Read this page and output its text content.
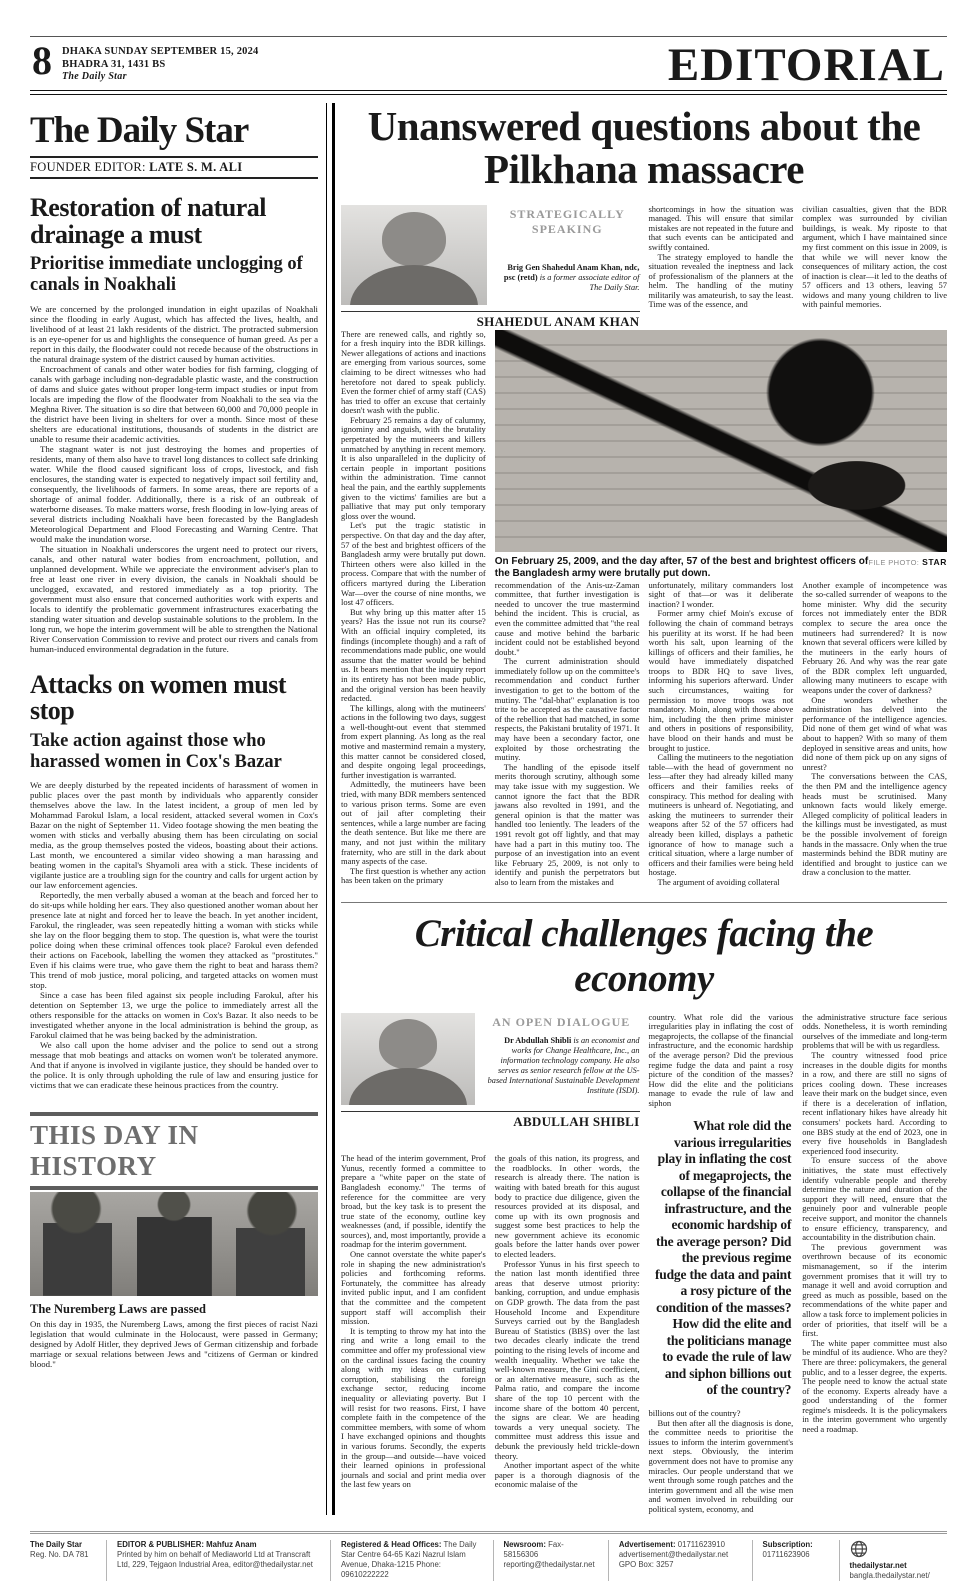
8 DHAKA SUNDAY SEPTEMBER 15, 2024
BHADRA 31, 1431 BS
The Daily Star	EDITORIAL
The Daily Star
FOUNDER EDITOR: LATE S. M. ALI
Restoration of natural drainage a must
Prioritise immediate unclogging of canals in Noakhali

We are concerned by the prolonged inundation in eight upazilas of Noakhali since the flooding in early August, which has affected the lives, health, and livelihood of at least 21 lakh residents of the district. The protracted submersion is an eye-opener for us and highlights the consequence of human greed. As per a report in this daily, the floodwater could not recede because of the obstructions in the natural drainage system of the district caused by human activities.

Encroachment of canals and other water bodies for fish farming, clogging of canals with garbage including non-degradable plastic waste, and the construction of dams and sluice gates without proper long-term impact studies or input from locals are impeding the flow of the floodwater from Noakhali to the sea via the Meghna River. The situation is so dire that between 60,000 and 70,000 people in the district have been living in shelters for over a month. Since most of these shelters are educational institutions, thousands of students in the district are unable to resume their academic activities.

The stagnant water is not just destroying the homes and properties of residents, many of them also have to travel long distances to collect safe drinking water. While the flood caused significant loss of crops, livestock, and fish enclosures, the standing water is expected to negatively impact soil fertility and, consequently, the livelihoods of farmers. In some areas, there are reports of a shortage of animal fodder. Additionally, there is a risk of an outbreak of waterborne diseases. To make matters worse, fresh flooding in low-lying areas of several districts including Noakhali have been forecasted by the Bangladesh Meteorological Department and Flood Forecasting and Warning Centre. That would make the inundation worse.

The situation in Noakhali underscores the urgent need to protect our rivers, canals, and other natural water bodies from encroachment, pollution, and unplanned development. While we appreciate the environment adviser's plan to free at least one river in every division, the canals in Noakhali should be unclogged, excavated, and restored immediately as a top priority. The government must also ensure that concerned authorities work with experts and locals to identify the problematic government infrastructures exacerbating the standing water situation and develop sustainable solutions to the problem. In the long run, we hope the interim government will be able to strengthen the National River Conservation Commission to revive and protect our rivers and canals from human-induced environmental degradation in the future.

Attacks on women must stop
Take action against those who harassed women in Cox's Bazar

We are deeply disturbed by the repeated incidents of harassment of women in public places over the past month by individuals who apparently consider themselves above the law. In the latest incident, a group of men led by Mohammad Farokul Islam, a local resident, attacked several women in Cox's Bazar on the night of September 11. Video footage showing the men beating the women with sticks and verbally abusing them has been circulating on social media, as the group themselves posted the videos, boasting about their actions. Last month, we encountered a similar video showing a man harassing and beating women in the capital's Shyamoli area with a stick. These incidents of vigilante justice are a troubling sign for the country and calls for urgent action by our law enforcement agencies.

Reportedly, the men verbally abused a woman at the beach and forced her to do sit-ups while holding her ears. They also questioned another woman about her presence late at night and forced her to leave the beach. In yet another incident, Farokul, the ringleader, was seen repeatedly hitting a woman with sticks while she lay on the floor begging them to stop. The question is, what were the tourist police doing when these criminal offences took place? Farokul even defended their actions on Facebook, labelling the women they attacked as "prostitutes." Even if his claims were true, who gave them the right to beat and harass them? This trend of mob justice, moral policing, and targeted attacks on women must stop.

Since a case has been filed against six people including Farokul, after his detention on September 13, we urge the police to immediately arrest all the others responsible for the attacks on women in Cox's Bazar. It also needs to be investigated whether anyone in the local administration is behind the group, as Farokul claimed that he was being backed by the administration.

We also call upon the home adviser and the police to send out a strong message that mob beatings and attacks on women won't be tolerated anymore. And that if anyone is involved in vigilante justice, they should be handed over to the police. It is only through upholding the rule of law and ensuring justice for victims that we can eradicate these heinous practices from the country.

THIS DAY IN HISTORY
The Nuremberg Laws are passed

On this day in 1935, the Nuremberg Laws, among the first pieces of racist Nazi legislation that would culminate in the Holocaust, were passed in Germany; designed by Adolf Hitler, they deprived Jews of German citizenship and forbade marriage or sexual relations between Jews and "citizens of German or kindred blood."

Unanswered questions about the Pilkhana massacre
STRATEGICALLY SPEAKING
Brig Gen Shahedul Anam Khan, ndc, psc (retd) is a former associate editor of The Daily Star.
SHAHEDUL ANAM KHAN

shortcomings in how the situation was managed. This will ensure that similar mistakes are not repeated in the future and that such events can be anticipated and swiftly contained.

The strategy employed to handle the situation revealed the ineptness and lack of professionalism of the planners at the helm. The handling of the mutiny militarily was amateurish, to say the least. Time was of the essence, and

civilian casualties, given that the BDR complex was surrounded by civilian buildings, is weak. My riposte to that argument, which I have maintained since my first comment on this issue in 2009, is that while we will never know the consequences of military action, the cost of inaction is clear—it led to the deaths of 57 officers and 13 others, leaving 57 widows and many young children to live with painful memories.

There are renewed calls, and rightly so, for a fresh inquiry into the BDR killings. Newer allegations of actions and inactions are emerging from various sources, some claiming to be direct witnesses who had heretofore not dared to speak publicly. Even the former chief of army staff (CAS) has tried to offer an excuse that certainly doesn't wash with the public.

February 25 remains a day of calumny, ignominy and anguish, with the brutality perpetrated by the mutineers and killers unmatched by anything in recent memory. It is also unparalleled in the duplicity of certain people in important positions within the administration. Time cannot heal the pain, and the earthly supplements given to the victims' families are but a palliative that may put only temporary gloss over the wound.

Let's put the tragic statistic in perspective. On that day and the day after, 57 of the best and brightest officers of the Bangladesh army were brutally put down. Thirteen others were also killed in the process. Compare that with the number of officers martyred during the Liberation War—over the course of nine months, we lost 47 officers.

But why bring up this matter after 15 years? Has the issue not run its course? With an official inquiry completed, its findings (incomplete though) and a raft of recommendations made public, one would assume that the matter would be behind us. It bears mention that the inquiry report in its entirety has not been made public, and the original version has been heavily redacted.

The killings, along with the mutineers' actions in the following two days, suggest a well-thought-out event that stemmed from expert planning. As long as the real motive and mastermind remain a mystery, this matter cannot be considered closed, and despite ongoing legal proceedings, further investigation is warranted.

Admittedly, the mutineers have been tried, with many BDR members sentenced to various prison terms. Some are even out of jail after completing their sentences, while a large number are facing the death sentence. But like me there are many, and not just within the military fraternity, who are still in the dark about many aspects of the case.

The first question is whether any action has been taken on the primary

FILE PHOTO: STAR
On February 25, 2009, and the day after, 57 of the best and brightest officers of the Bangladesh army were brutally put down.

recommendation of the Anis-uz-Zaman committee, that further investigation is needed to uncover the true mastermind behind the incident. This is crucial, as even the committee admitted that "the real cause and motive behind the barbaric incident could not be established beyond doubt."

The current administration should immediately follow up on the committee's recommendation and conduct further investigation to get to the bottom of the mutiny. The "dal-bhat" explanation is too trite to be accepted as the causative factor of the rebellion that had matched, in some respects, the Pakistani brutality of 1971. It may have been a secondary factor, one exploited by those orchestrating the mutiny.

The handling of the episode itself merits thorough scrutiny, although some may take issue with my suggestion. We cannot ignore the fact that the BDR jawans also revolted in 1991, and the general opinion is that the matter was handled too leniently. The leaders of the 1991 revolt got off lightly, and that may have had a part in this mutiny too. The purpose of an investigation into an event like February 25, 2009, is not only to identify and punish the perpetrators but also to learn from the mistakes and

unfortunately, military commanders lost sight of that—or was it deliberate inaction? I wonder.

Former army chief Moin's excuse of following the chain of command betrays his puerility at its worst. If he had been worth his salt, upon learning of the killings of officers and their families, he would have immediately dispatched troops to BDR HQ to save lives, informing his superiors afterward. Under such circumstances, waiting for permission to move troops was not mandatory. Moin, along with those above him, including the then prime minister and others in positions of responsibility, have blood on their hands and must be brought to justice.

Calling the mutineers to the negotiation table—with the head of government no less—after they had already killed many officers and their families reeks of conspiracy. This method for dealing with mutineers is unheard of. Negotiating, and asking the mutineers to surrender their weapons after 52 of the 57 officers had already been killed, displays a pathetic ignorance of how to manage such a critical situation, where a large number of officers and their families were being held hostage.

The argument of avoiding collateral

Another example of incompetence was the so-called surrender of weapons to the home minister. Why did the security forces not immediately enter the BDR complex to secure the area once the mutineers had surrendered? It is now known that several officers were killed by the mutineers in the early hours of February 26. And why was the rear gate of the BDR complex left unguarded, allowing many mutineers to escape with weapons under the cover of darkness?

One wonders whether the administration has delved into the performance of the intelligence agencies. Did none of them get wind of what was about to happen? With so many of them deployed in sensitive areas and units, how did none of them pick up on any signs of unrest?

The conversations between the CAS, the then PM and the intelligence agency heads must be scrutinised. Many unknown facts would likely emerge. Alleged complicity of political leaders in the killings must be investigated, as must be the possible involvement of foreign hands in the massacre. Only when the true masterminds behind the BDR mutiny are identified and brought to justice can we draw a conclusion to the matter.

Critical challenges facing the economy
AN OPEN DIALOGUE
Dr Abdullah Shibli is an economist and works for Change Healthcare, Inc., an information technology company. He also serves as senior research fellow at the US-based International Sustainable Development Institute (ISDI).
ABDULLAH SHIBLI

The head of the interim government, Prof Yunus, recently formed a committee to prepare a "white paper on the state of Bangladesh economy." The terms of reference for the committee are very broad, but the key task is to present the true state of the economy, outline key weaknesses (and, if possible, identify the sources), and, most importantly, provide a roadmap for the interim government.

One cannot overstate the white paper's role in shaping the new administration's policies and forthcoming reforms. Fortunately, the committee has already invited public input, and I am confident that the committee and the competent support staff will accomplish their mission.

It is tempting to throw my hat into the ring and write a long email to the committee and offer my professional view on the cardinal issues facing the country along with my ideas on curtailing corruption, stabilising the foreign exchange sector, reducing income inequality or alleviating poverty. But I will resist for two reasons. First, I have complete faith in the competence of the committee members, with some of whom I have exchanged opinions and thoughts in various forums. Secondly, the experts in the group—and outside—have voiced their learned opinions in professional journals and social and print media over the last few years on

the goals of this nation, its progress, and the roadblocks. In other words, the research is already there. The nation is waiting with bated breath for this august body to practice due diligence, given the resources provided at its disposal, and come up with its own prognosis and suggest some best practices to help the new government achieve its economic goals before the latter hands over power to elected leaders.

Professor Yunus in his first speech to the nation last month identified three areas that deserve utmost priority: banking, corruption, and undue emphasis on GDP growth. The data from the past Household Income and Expenditure Surveys carried out by the Bangladesh Bureau of Statistics (BBS) over the last two decades clearly indicate the trend pointing to the rising levels of income and wealth inequality. Whether we take the well-known measure, the Gini coefficient, or an alternative measure, such as the Palma ratio, and compare the income share of the top 10 percent with the income share of the bottom 40 percent, the signs are clear. We are heading towards a very unequal society. The committee must address this issue and debunk the previously held trickle-down theory.

Another important aspect of the white paper is a thorough diagnosis of the economic malaise of the

country. What role did the various irregularities play in inflating the cost of megaprojects, the collapse of the financial infrastructure, and the economic hardship of the average person? Did the previous regime fudge the data and paint a rosy picture of the condition of the masses? How did the elite and the politicians manage to evade the rule of law and siphon

What role did the various irregularities play in inflating the cost of megaprojects, the collapse of the financial infrastructure, and the economic hardship of the average person? Did the previous regime fudge the data and paint a rosy picture of the condition of the masses? How did the elite and the politicians manage to evade the rule of law and siphon billions out of the country?

billions out of the country?

But then after all the diagnosis is done, the committee needs to prioritise the issues to inform the interim government's next steps. Obviously, the interim government does not have to promise any miracles. Our people understand that we went through some rough patches and the interim government and all the wise men and women involved in rebuilding our political system, economy, and

the administrative structure face serious odds. Nonetheless, it is worth reminding ourselves of the immediate and long-term problems that will be with us regardless.

The country witnessed food price increases in the double digits for months in a row, and there are still no signs of prices cooling down. These increases leave their mark on the budget since, even if there is a deceleration of inflation, recent inflationary hikes have already hit consumers' pockets hard. According to one BBS study at the end of 2023, one in every five households in Bangladesh experienced food insecurity.

To ensure success of the above initiatives, the state must effectively identify vulnerable people and thereby determine the nature and duration of the support they will need, ensure that the genuinely poor and vulnerable people receive support, and monitor the channels to ensure efficiency, transparency, and accountability in the distribution chain.

The previous government was overthrown because of its economic mismanagement, so if the interim government promises that it will try to manage it well and avoid corruption and greed as much as possible, based on the recommendations of the white paper and allow a task force to implement policies in order of priorities, that itself will be a first.

The white paper committee must also be mindful of its audience. Who are they? There are three: policymakers, the general public, and to a lesser degree, the experts. The people need to know the actual state of the economy. Experts already have a good understanding of the former regime's misdeeds. It is the policymakers in the interim government who urgently need a roadmap.

The Daily Star
Reg. No. DA 781
EDITOR & PUBLISHER: Mahfuz Anam
Printed by him on behalf of Mediaworld Ltd at Transcraft Ltd, 229, Tejgaon Industrial Area, editor@thedailystar.net
Registered & Head Offices: The Daily Star Centre 64-65 Kazi Nazrul Islam Avenue, Dhaka-1215 Phone: 09610222222
Newsroom: Fax- 58156306 reporting@thedailystar.net
Advertisement: 01711623910 advertisement@thedailystar.net GPO Box: 3257
Subscription:
01711623906
thedailystar.net
bangla.thedailystar.net/
